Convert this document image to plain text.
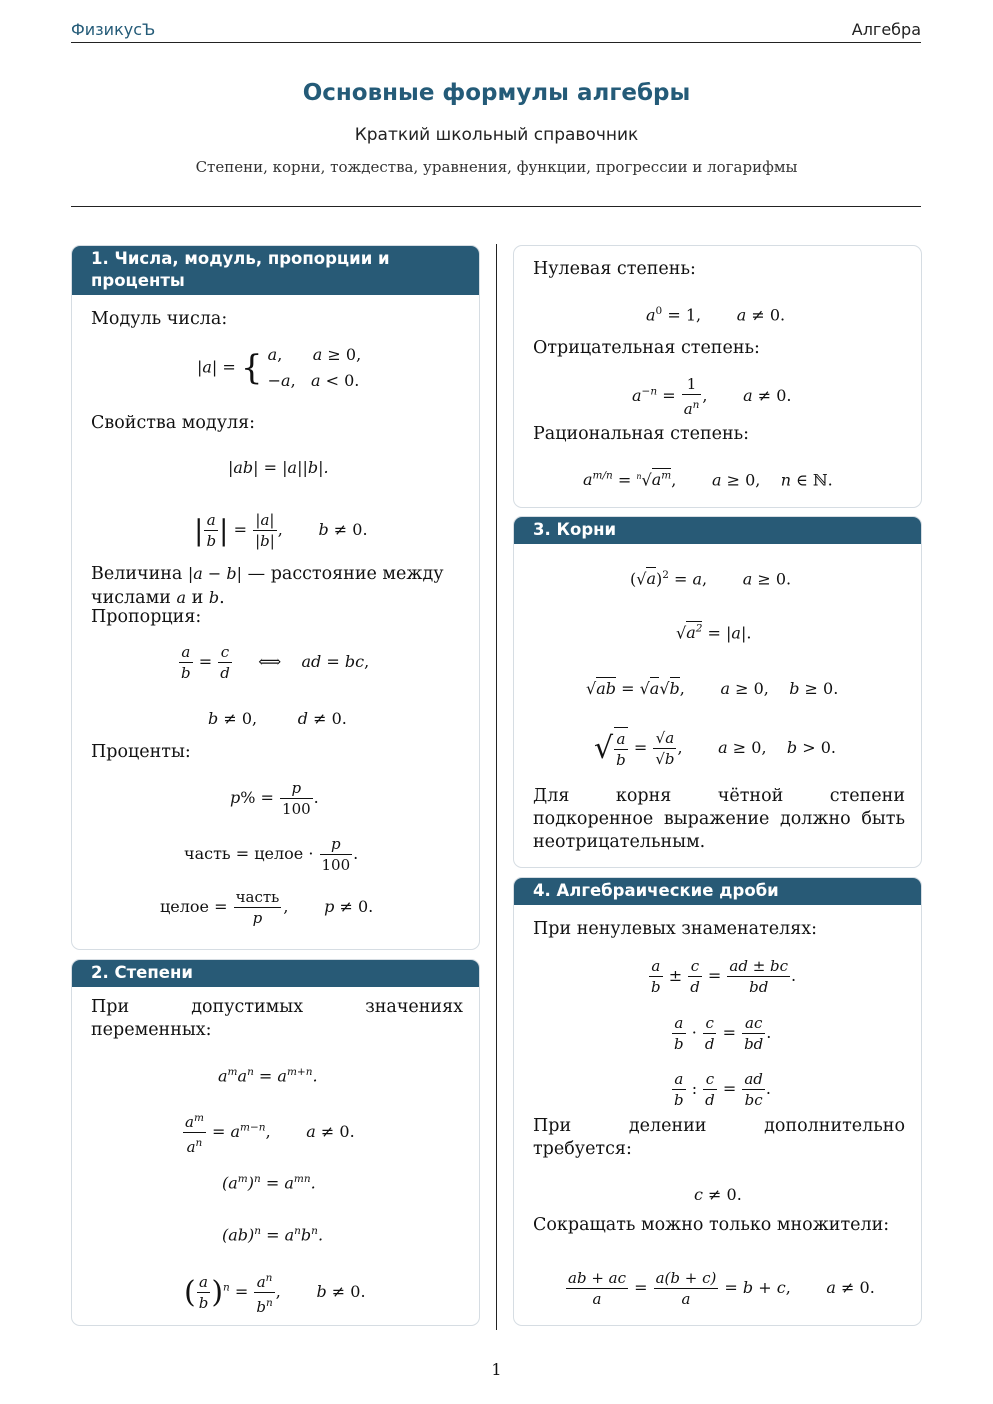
ФизикусЪ	Алгебра
Основные формулы алгебры
Краткий школьный справочник
Степени, корни, тождества, уравнения, функции, прогрессии и логарифмы
1. Числа, модуль, пропорции и проценты
Модуль числа:
|a| = { a,      a ≥ 0,
−a,   a < 0.
Свойства модуля:
|ab| = |a||b|.
| $\frac{a}{b}$ | = $\frac{|a|}{|b|}$ ,       b ≠ 0.
Величина |a − b| — расстояние между числами a и b.
Пропорция:
$\frac{a}{b} = \frac{c}{d}$ ⟺    ad = bc,
b ≠ 0,        d ≠ 0.
Проценты:
$p\% = \frac{p}{100}$ .
часть = целое · $\frac{p}{100}$ .
целое = $\frac{\text{часть}}{p}$
,       p ≠ 0.
2. Степени
При допустимых значениях переменных:
$a^ma^n = a^{m+n}$.
$\frac{a^m}{a^n} = a^{m-n}$,       a ≠ 0.
$(a^m)^n = a^{mn}$.
$(ab)^n = a^nb^n$.
( $\frac{a}{b} )^n = \frac{a^n}{b^n}$ ,       b ≠ 0.
Нулевая степень:
$a^0 = 1$,       a ≠ 0.
Отрицательная степень:
$a^{-n} = \frac{1}{a^n}$ ,       a ≠ 0.
Рациональная степень:
$a^{m/n} = ^n√a^m$,       a ≥ 0,    n ∈ ℕ.
3. Корни
$(√a)^2 = a$,       a ≥ 0.
$√a^2 = |a|$.
√ab = √a√b,       a ≥ 0,    b ≥ 0.
√ $\frac{a}{b} = \frac{√a}{√b}$ ,       a ≥ 0,    b > 0.
Для корня чётной степени подкоренное выражение должно быть неотрицательным.
4. Алгебраические дроби
При ненулевых знаменателях:
$\frac{a}{b} \pm \frac{c}{d} = \frac{ad \pm bc}{bd}$ .
$\frac{a}{b} \cdot \frac{c}{d} = \frac{ac}{bd}$ .
$\frac{a}{b}$ : $\frac{c}{d} = \frac{ad}{bc}$ .
При делении дополнительно требуется:
c ≠ 0.
Сокращать можно только множители:
$\frac{ab + ac}{a} = \frac{a(b + c)}{a} = b + c$,       a ≠ 0.
1
